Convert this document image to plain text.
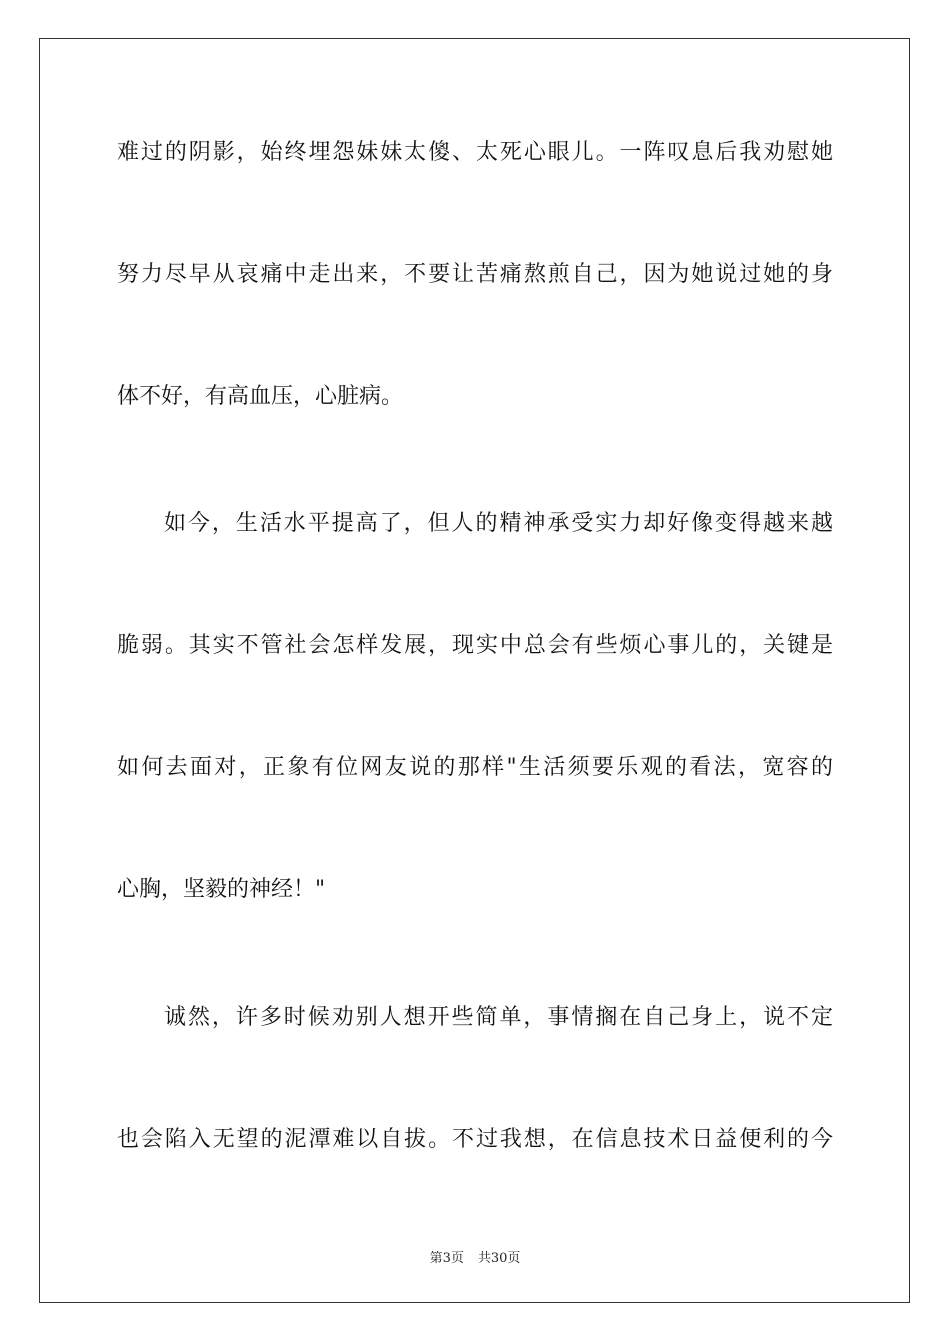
难过的阴影，始终埋怨妹妹太傻、太死心眼儿。一阵叹息后我劝慰她
努力尽早从哀痛中走出来，不要让苦痛熬煎自己，因为她说过她的身
体不好，有高血压，心脏病。
如今，生活水平提高了，但人的精神承受实力却好像变得越来越
脆弱。其实不管社会怎样发展，现实中总会有些烦心事儿的，关键是
如何去面对，正象有位网友说的那样"生活须要乐观的看法，宽容的
心胸，坚毅的神经！"
诚然，许多时候劝别人想开些简单，事情搁在自己身上，说不定
也会陷入无望的泥潭难以自拔。不过我想，在信息技术日益便利的今
第3页 共30页
